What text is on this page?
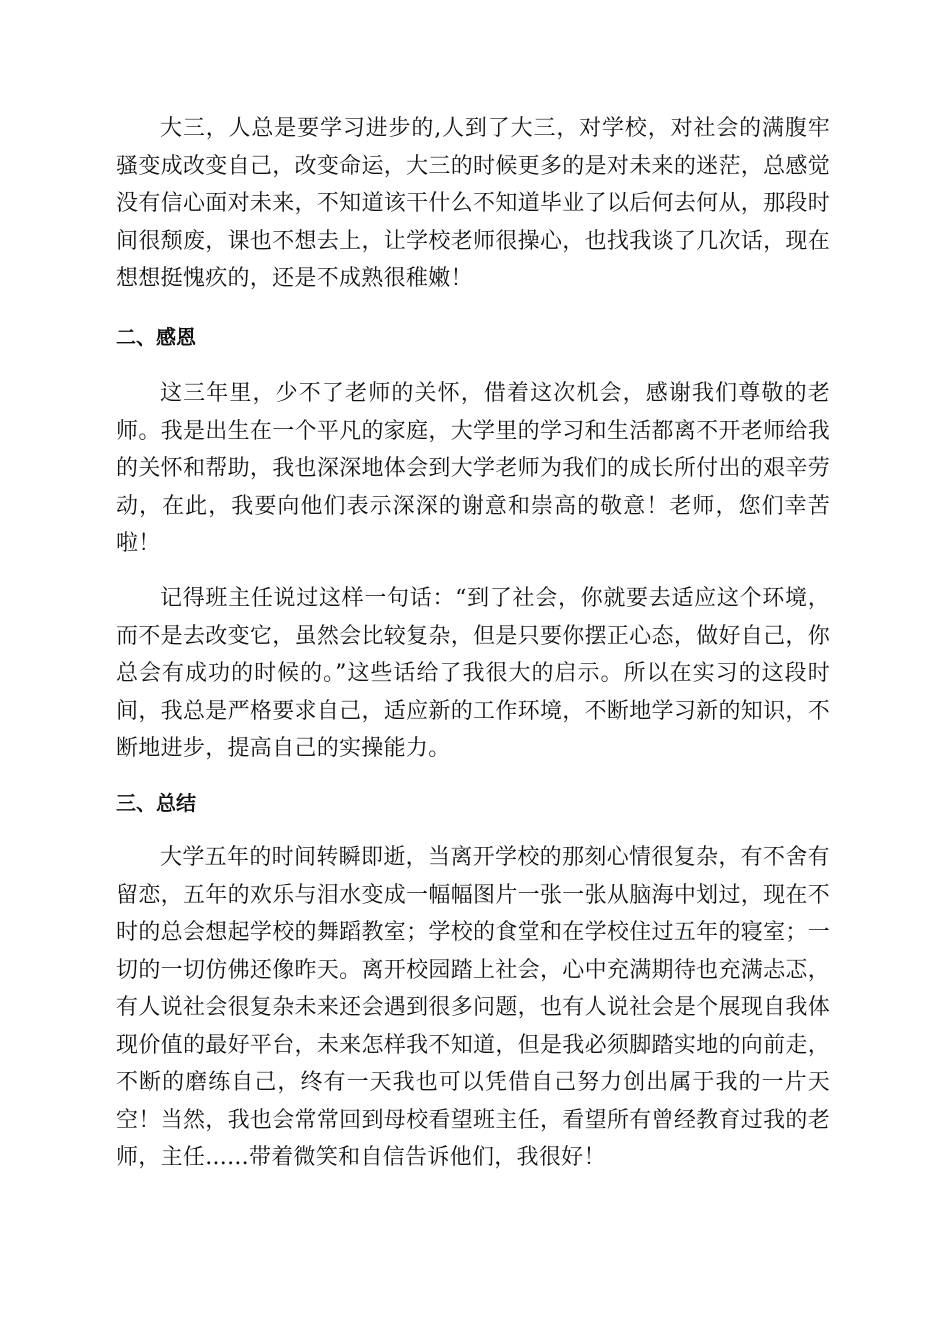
大三，人总是要学习进步的,人到了大三，对学校，对社会的满腹牢骚变成改变自己，改变命运，大三的时候更多的是对未来的迷茫，总感觉没有信心面对未来，不知道该干什么不知道毕业了以后何去何从，那段时间很颓废，课也不想去上，让学校老师很操心，也找我谈了几次话，现在想想挺愧疚的，还是不成熟很稚嫩！

二、感恩

这三年里，少不了老师的关怀，借着这次机会，感谢我们尊敬的老师。我是出生在一个平凡的家庭，大学里的学习和生活都离不开老师给我的关怀和帮助，我也深深地体会到大学老师为我们的成长所付出的艰辛劳动，在此，我要向他们表示深深的谢意和崇高的敬意！老师，您们幸苦啦！

记得班主任说过这样一句话：“到了社会，你就要去适应这个环境，而不是去改变它，虽然会比较复杂，但是只要你摆正心态，做好自己，你总会有成功的时候的。”这些话给了我很大的启示。所以在实习的这段时间，我总是严格要求自己，适应新的工作环境，不断地学习新的知识，不断地进步，提高自己的实操能力。

三、总结

大学五年的时间转瞬即逝，当离开学校的那刻心情很复杂，有不舍有留恋，五年的欢乐与泪水变成一幅幅图片一张一张从脑海中划过，现在不时的总会想起学校的舞蹈教室；学校的食堂和在学校住过五年的寝室；一切的一切仿佛还像昨天。离开校园踏上社会，心中充满期待也充满忐忑，有人说社会很复杂未来还会遇到很多问题，也有人说社会是个展现自我体现价值的最好平台，未来怎样我不知道，但是我必须脚踏实地的向前走，不断的磨练自己，终有一天我也可以凭借自己努力创出属于我的一片天空！当然，我也会常常回到母校看望班主任，看望所有曾经教育过我的老师，主任......带着微笑和自信告诉他们，我很好！
